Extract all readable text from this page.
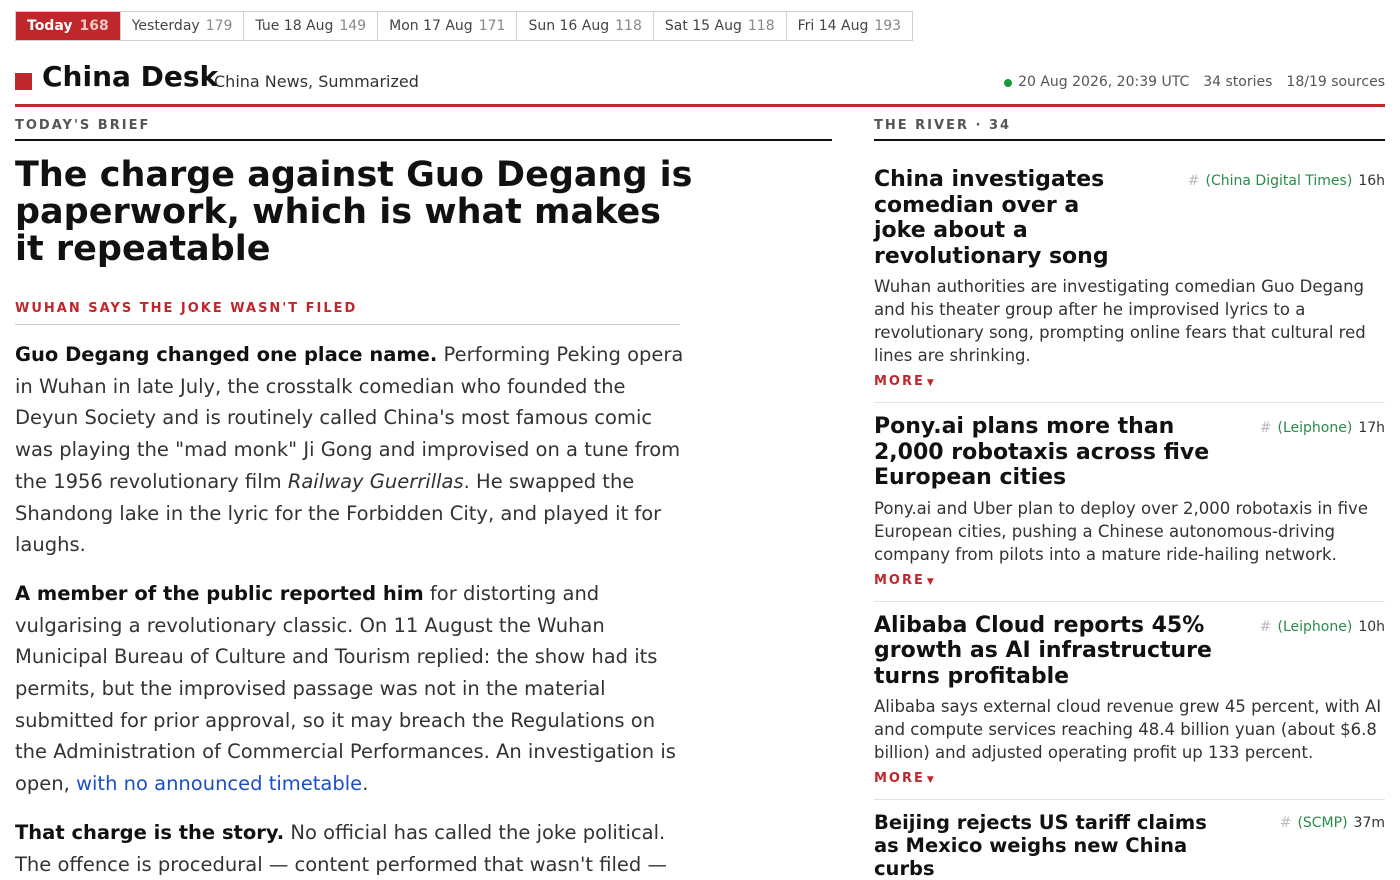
Today 168 Yesterday 179 Tue 18 Aug 149 Mon 17 Aug 171 Sun 16 Aug 118 Sat 15 Aug 118 Fri 14 Aug 193
China Desk
China News, Summarized	20 Aug 2026, 20:39 UTC 34 stories 18/19 sources
TODAY'S BRIEF
The charge against Guo Degang is paperwork, which is what makes it repeatable
WUHAN SAYS THE JOKE WASN'T FILED

Guo Degang changed one place name. Performing Peking opera in Wuhan in late July, the crosstalk comedian who founded the Deyun Society and is routinely called China's most famous comic was playing the "mad monk" Ji Gong and improvised on a tune from the 1956 revolutionary film Railway Guerrillas. He swapped the Shandong lake in the lyric for the Forbidden City, and played it for laughs.

A member of the public reported him for distorting and vulgarising a revolutionary classic. On 11 August the Wuhan Municipal Bureau of Culture and Tourism replied: the show had its permits, but the improvised passage was not in the material submitted for prior approval, so it may breach the Regulations on the Administration of Commercial Performances. An investigation is open, with no announced timetable.

That charge is the story. No official has called the joke political. The offence is procedural — content performed that wasn't filed —

THE RIVER · 34
# (China Digital Times) 16h
China investigates comedian over a joke about a revolutionary song
Wuhan authorities are investigating comedian Guo Degang and his theater group after he improvised lyrics to a revolutionary song, prompting online fears that cultural red lines are shrinking.
MORE ▼
# (Leiphone) 17h
Pony.ai plans more than 2,000 robotaxis across five European cities
Pony.ai and Uber plan to deploy over 2,000 robotaxis in five European cities, pushing a Chinese autonomous-driving company from pilots into a mature ride-hailing network.
MORE ▼
# (Leiphone) 10h
Alibaba Cloud reports 45% growth as AI infrastructure turns profitable
Alibaba says external cloud revenue grew 45 percent, with AI and compute services reaching 48.4 billion yuan (about $6.8 billion) and adjusted operating profit up 133 percent.
MORE ▼
# (SCMP) 37m
Beijing rejects US tariff claims as Mexico weighs new China curbs
